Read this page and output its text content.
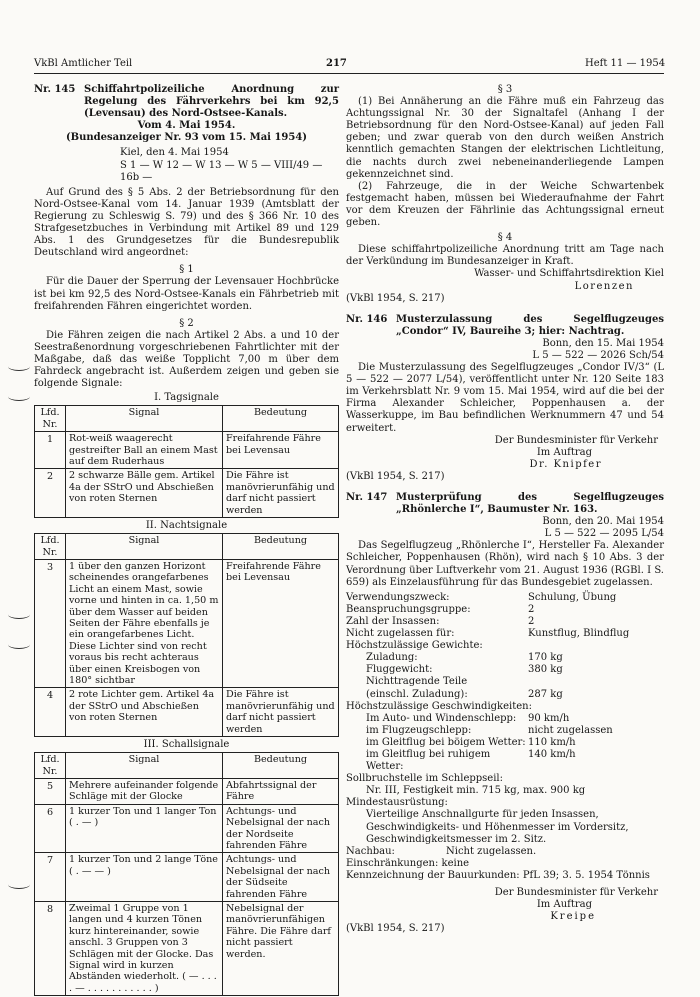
VkBl Amtlicher Teil	217	Heft 11 — 1954
Nr. 145 Schiffahrtpolizeiliche Anordnung zur Regelung des Fährverkehrs bei km 92,5 (Levensau) des Nord-Ostsee-Kanals.

Vom 4. Mai 1954.

(Bundesanzeiger Nr. 93 vom 15. Mai 1954)

Kiel, den 4. Mai 1954

S 1 — W 12 — W 13 — W 5 — VIII/49 — 16b —

Auf Grund des § 5 Abs. 2 der Betriebsordnung für den Nord-Ostsee-Kanal vom 14. Januar 1939 (Amtsblatt der Regierung zu Schleswig S. 79) und des § 366 Nr. 10 des Strafgesetzbuches in Verbindung mit Artikel 89 und 129 Abs. 1 des Grundgesetzes für die Bundesrepublik Deutschland wird angeordnet:

§ 1

Für die Dauer der Sperrung der Levensauer Hochbrücke ist bei km 92,5 des Nord-Ostsee-Kanals ein Fährbetrieb mit freifahrenden Fähren eingerichtet worden.

§ 2

Die Fähren zeigen die nach Artikel 2 Abs. a und 10 der Seestraßenordnung vorgeschriebenen Fahrtlichter mit der Maßgabe, daß das weiße Topplicht 7,00 m über dem Fahrdeck angebracht ist. Außerdem zeigen und geben sie folgende Signale:

I. Tagsignale

Lfd. Nr.	Signal	Bedeutung
1	Rot-weiß waagerecht gestreifter Ball an einem Mast auf dem Ruderhaus	Freifahrende Fähre bei Levensau
2	2 schwarze Bälle gem. Artikel 4a der SStrO und Abschießen von roten Sternen	Die Fähre ist manövrierunfähig und darf nicht passiert werden

II. Nachtsignale

Lfd. Nr.	Signal	Bedeutung
3	1 über den ganzen Horizont scheinendes orangefarbenes Licht an einem Mast, sowie vorne und hinten in ca. 1,50 m über dem Wasser auf beiden Seiten der Fähre ebenfalls je ein orangefarbenes Licht. Diese Lichter sind von recht voraus bis recht achteraus über einen Kreisbogen von 180° sichtbar	Freifahrende Fähre bei Levensau
4	2 rote Lichter gem. Artikel 4a der SStrO und Abschießen von roten Sternen	Die Fähre ist manövrierunfähig und darf nicht passiert werden

III. Schallsignale

Lfd. Nr.	Signal	Bedeutung
5	Mehrere aufeinander folgende Schläge mit der Glocke	Abfahrtssignal der Fähre
6	1 kurzer Ton und 1 langer Ton ( . — )	Achtungs- und Nebelsignal der nach der Nordseite fahrenden Fähre
7	1 kurzer Ton und 2 lange Töne ( . — — )	Achtungs- und Nebelsignal der nach der Südseite fahrenden Fähre
8	Zweimal 1 Gruppe von 1 langen und 4 kurzen Tönen kurz hintereinander, sowie anschl. 3 Gruppen von 3 Schlägen mit der Glocke. Das Signal wird in kurzen Abständen wiederholt. ( — . . . . — . . . . . . . . . . . )	Nebelsignal der manövrierunfähigen Fähre. Die Fähre darf nicht passiert werden.

§ 3

(1) Bei Annäherung an die Fähre muß ein Fahrzeug das Achtungssignal Nr. 30 der Signaltafel (Anhang I der Betriebsordnung für den Nord-Ostsee-Kanal) auf jeden Fall geben; und zwar querab von den durch weißen Anstrich kenntlich gemachten Stangen der elektrischen Lichtleitung, die nachts durch zwei nebeneinanderliegende Lampen gekennzeichnet sind.

(2) Fahrzeuge, die in der Weiche Schwartenbek festgemacht haben, müssen bei Wiederaufnahme der Fahrt vor dem Kreuzen der Fährlinie das Achtungssignal erneut geben.

§ 4

Diese schiffahrtpolizeiliche Anordnung tritt am Tage nach der Verkündung im Bundesanzeiger in Kraft.

Wasser- und Schiffahrtsdirektion Kiel

Lorenzen

(VkBl 1954, S. 217)

Nr. 146 Musterzulassung des Segelflugzeuges „Condor“ IV, Baureihe 3; hier: Nachtrag.

Bonn, den 15. Mai 1954

L 5 — 522 — 2026 Sch/54

Die Musterzulassung des Segelflugzeuges „Condor IV/3“ (L 5 — 522 — 2077 L/54), veröffentlicht unter Nr. 120 Seite 183 im Verkehrsblatt Nr. 9 vom 15. Mai 1954, wird auf die bei der Firma Alexander Schleicher, Poppenhausen a. der Wasserkuppe, im Bau befindlichen Werknummern 47 und 54 erweitert.

Der Bundesminister für Verkehr

Im Auftrag

Dr. Knipfer

(VkBl 1954, S. 217)

Nr. 147 Musterprüfung des Segelflugzeuges „Rhönlerche I“, Baumuster Nr. 163.

Bonn, den 20. Mai 1954

L 5 — 522 — 2095 L/54

Das Segelflugzeug „Rhönlerche I“, Hersteller Fa. Alexander Schleicher, Poppenhausen (Rhön), wird nach § 10 Abs. 3 der Verordnung über Luftverkehr vom 21. August 1936 (RGBl. I S. 659) als Einzelausführung für das Bundesgebiet zugelassen.

Verwendungszweck:	Schulung, Übung
Beanspruchungsgruppe:	2
Zahl der Insassen:	2
Nicht zugelassen für:	Kunstflug, Blindflug

Höchstzulässige Gewichte:

Zuladung:	170 kg
Fluggewicht:	380 kg
Nichttragende Teile
(einschl. Zuladung):	287 kg

Höchstzulässige Geschwindigkeiten:

Im Auto- und Windenschlepp:	90 km/h
im Flugzeugschlepp:	nicht zugelassen
im Gleitflug bei böigem Wetter: 110 km/h
im Gleitflug bei ruhigem Wetter:
140 km/h

Sollbruchstelle im Schleppseil:

Nr. III, Festigkeit min. 715 kg, max. 900 kg

Mindestausrüstung:

Vierteilige Anschnallgurte für jeden Insassen,

Geschwindigkeits- und Höhenmesser im Vordersitz,

Geschwindigkeitsmesser im 2. Sitz.

Nachbau:	Nicht zugelassen.

Einschränkungen: keine

Kennzeichnung der Bauurkunden: PfL 39; 3. 5. 1954 Tönnis

Der Bundesminister für Verkehr

Im Auftrag

Kreipe

(VkBl 1954, S. 217)
